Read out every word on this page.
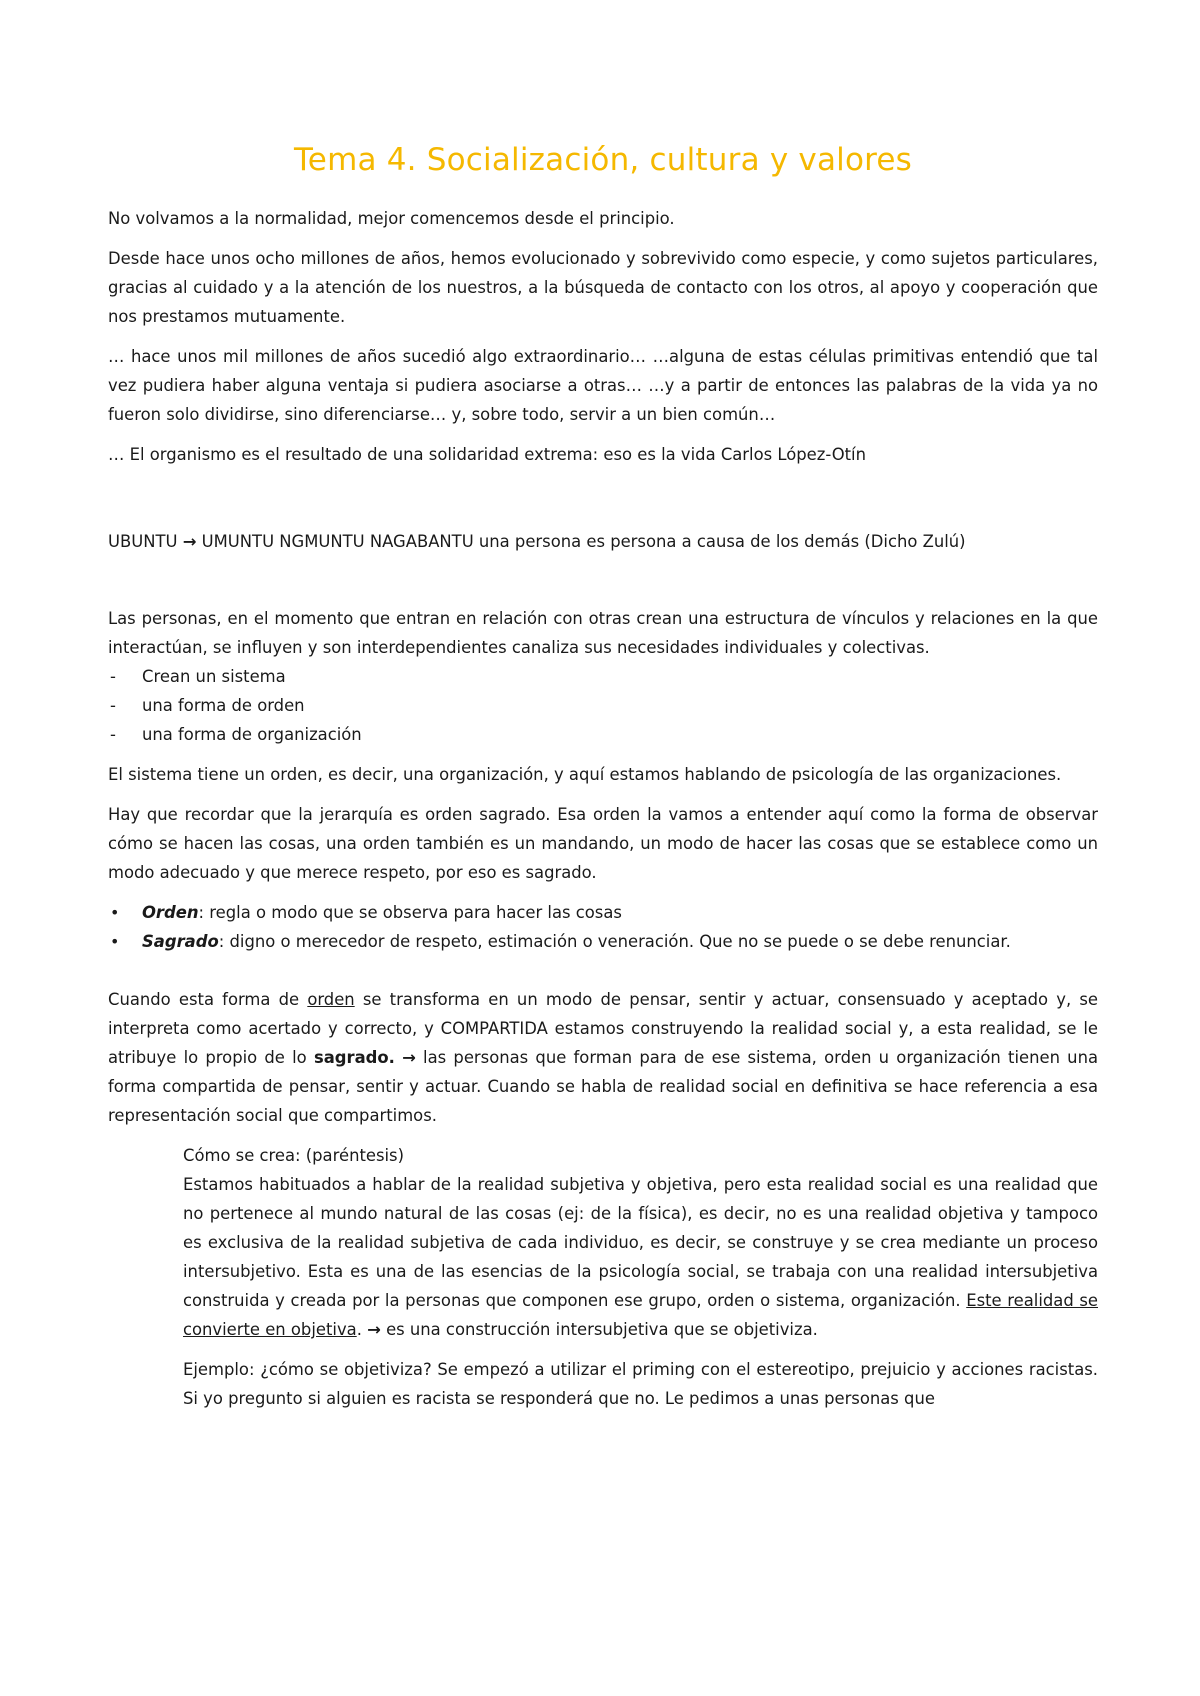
Tema 4. Socialización, cultura y valores

No volvamos a la normalidad, mejor comencemos desde el principio.

Desde hace unos ocho millones de años, hemos evolucionado y sobrevivido como especie, y como sujetos particulares, gracias al cuidado y a la atención de los nuestros, a la búsqueda de contacto con los otros, al apoyo y cooperación que nos prestamos mutuamente.

… hace unos mil millones de años sucedió algo extraordinario… …alguna de estas células primitivas entendió que tal vez pudiera haber alguna ventaja si pudiera asociarse a otras… …y a partir de entonces las palabras de la vida ya no fueron solo dividirse, sino diferenciarse… y, sobre todo, servir a un bien común…

… El organismo es el resultado de una solidaridad extrema: eso es la vida Carlos López-Otín

UBUNTU → UMUNTU NGMUNTU NAGABANTU una persona es persona a causa de los demás (Dicho Zulú)

Las personas, en el momento que entran en relación con otras crean una estructura de vínculos y relaciones en la que interactúan, se influyen y son interdependientes canaliza sus necesidades individuales y colectivas.

- Crean un sistema
- una forma de orden
- una forma de organización

El sistema tiene un orden, es decir, una organización, y aquí estamos hablando de psicología de las organizaciones.

Hay que recordar que la jerarquía es orden sagrado. Esa orden la vamos a entender aquí como la forma de observar cómo se hacen las cosas, una orden también es un mandando, un modo de hacer las cosas que se establece como un modo adecuado y que merece respeto, por eso es sagrado.

• Orden: regla o modo que se observa para hacer las cosas
• Sagrado: digno o merecedor de respeto, estimación o veneración. Que no se puede o se debe renunciar.

Cuando esta forma de orden se transforma en un modo de pensar, sentir y actuar, consensuado y aceptado y, se interpreta como acertado y correcto, y COMPARTIDA estamos construyendo la realidad social y, a esta realidad, se le atribuye lo propio de lo sagrado. → las personas que forman para de ese sistema, orden u organización tienen una forma compartida de pensar, sentir y actuar. Cuando se habla de realidad social en definitiva se hace referencia a esa representación social que compartimos.

Cómo se crea: (paréntesis)
Estamos habituados a hablar de la realidad subjetiva y objetiva, pero esta realidad social es una realidad que no pertenece al mundo natural de las cosas (ej: de la física), es decir, no es una realidad objetiva y tampoco es exclusiva de la realidad subjetiva de cada individuo, es decir, se construye y se crea mediante un proceso intersubjetivo. Esta es una de las esencias de la psicología social, se trabaja con una realidad intersubjetiva construida y creada por la personas que componen ese grupo, orden o sistema, organización. Este realidad se convierte en objetiva. → es una construcción intersubjetiva que se objetiviza.

Ejemplo: ¿cómo se objetiviza? Se empezó a utilizar el priming con el estereotipo, prejuicio y acciones racistas. Si yo pregunto si alguien es racista se responderá que no. Le pedimos a unas personas que
